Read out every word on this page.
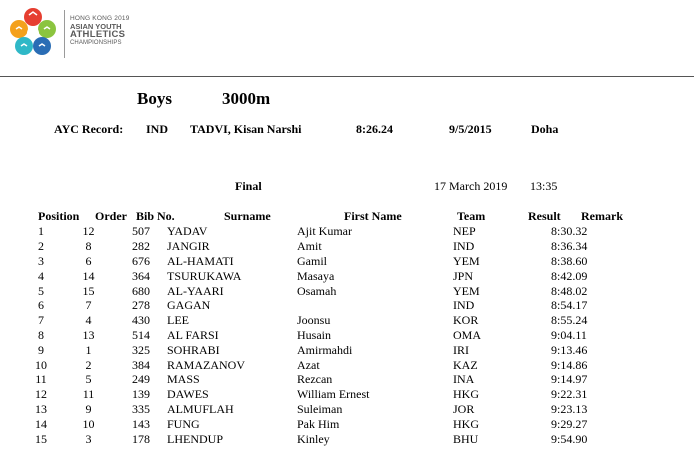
HONG KONG 2019
ASIAN YOUTH
ATHLETICS
CHAMPIONSHIPS
Boys	3000m
AYC Record: IND TADVI, Kisan Narshi	8:26.24	9/5/2015	Doha
Final	17 March 2019 13:35
Position Order Bib No.	Surname	First Name	Team	Result Remark
	1	12	507	YADAV	Ajit Kumar	NEP	8:30.32	
	2	8	282	JANGIR	Amit	IND	8:36.34	
	3	6	676	AL-HAMATI	Gamil	YEM	8:38.60	
	4	14	364	TSURUKAWA	Masaya	JPN	8:42.09	
	5	15	680	AL-YAARI	Osamah	YEM	8:48.02	
	6	7	278	GAGAN		IND	8:54.17	
	7	4	430	LEE	Joonsu	KOR	8:55.24	
	8	13	514	AL FARSI	Husain	OMA	9:04.11	
	9	1	325	SOHRABI	Amirmahdi	IRI	9:13.46	
	10	2	384	RAMAZANOV	Azat	KAZ	9:14.86	
	11	5	249	MASS	Rezcan	INA	9:14.97	
	12	11	139	DAWES	William Ernest	HKG	9:22.31	
	13	9	335	ALMUFLAH	Suleiman	JOR	9:23.13	
	14	10	143	FUNG	Pak Him	HKG	9:29.27	
	15	3	178	LHENDUP	Kinley	BHU	9:54.90	
